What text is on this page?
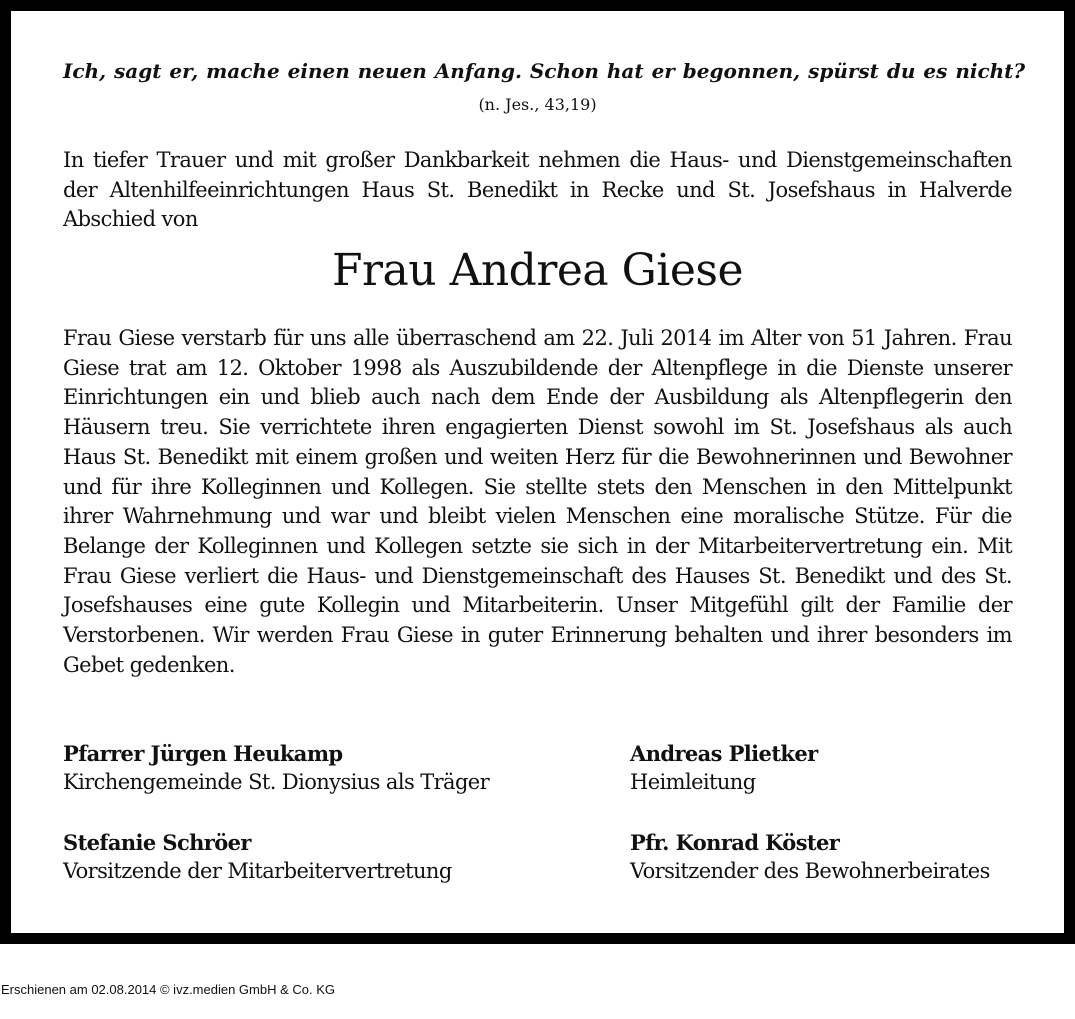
Ich, sagt er, mache einen neuen Anfang. Schon hat er begonnen, spürst du es nicht?
(n. Jes., 43,19)
In tiefer Trauer und mit großer Dankbarkeit nehmen die Haus- und Dienstgemeinschaften der Altenhilfeeinrichtungen Haus St. Benedikt in Recke und St. Josefshaus in Halverde Abschied von
Frau Andrea Giese
Frau Giese verstarb für uns alle überraschend am 22. Juli 2014 im Alter von 51 Jahren. Frau Giese trat am 12. Oktober 1998 als Auszubildende der Altenpflege in die Dienste unserer Einrichtungen ein und blieb auch nach dem Ende der Ausbildung als Altenpflegerin den Häusern treu. Sie verrichtete ihren engagierten Dienst sowohl im St. Josefshaus als auch Haus St. Benedikt mit einem großen und weiten Herz für die Bewohnerinnen und Bewohner und für ihre Kolleginnen und Kollegen. Sie stellte stets den Menschen in den Mittelpunkt ihrer Wahrnehmung und war und bleibt vielen Menschen eine moralische Stütze. Für die Belange der Kolleginnen und Kollegen setzte sie sich in der Mitarbeitervertretung ein. Mit Frau Giese verliert die Haus- und Dienstgemeinschaft des Hauses St. Benedikt und des St. Josefshauses eine gute Kollegin und Mitarbeiterin. Unser Mitgefühl gilt der Familie der Verstorbenen. Wir werden Frau Giese in guter Erinnerung behalten und ihrer besonders im Gebet gedenken.
Pfarrer Jürgen Heukamp
Kirchengemeinde St. Dionysius als Träger
Andreas Plietker
Heimleitung
Stefanie Schröer
Vorsitzende der Mitarbeitervertretung
Pfr. Konrad Köster
Vorsitzender des Bewohnerbeirates
Erschienen am 02.08.2014 © ivz.medien GmbH & Co. KG
